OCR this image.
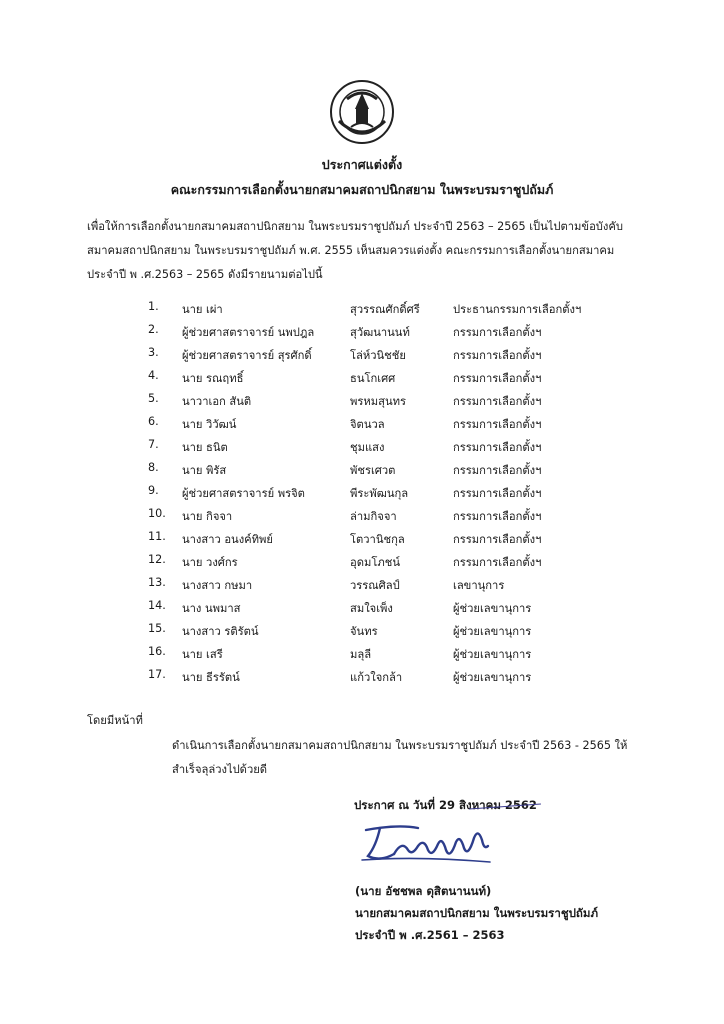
ประกาศแต่งตั้ง
คณะกรรมการเลือกตั้งนายกสมาคมสถาปนิกสยาม ในพระบรมราชูปถัมภ์
เพื่อให้การเลือกตั้งนายกสมาคมสถาปนิกสยาม ในพระบรมราชูปถัมภ์ ประจำปี 2563 – 2565 เป็นไปตามข้อบังคับ
สมาคมสถาปนิกสยาม ในพระบรมราชูปถัมภ์ พ.ศ. 2555 เห็นสมควรแต่งตั้ง คณะกรรมการเลือกตั้งนายกสมาคม
ประจำปี พ .ศ.2563 – 2565 ดังมีรายนามต่อไปนี้
1. นาย เผ่า	สุวรรณศักดิ์ศรี	ประธานกรรมการเลือกตั้งฯ
2. ผู้ช่วยศาสตราจารย์ นพปฎล	สุวัฒนานนท์	กรรมการเลือกตั้งฯ
3. ผู้ช่วยศาสตราจารย์ สุรศักดิ์	โล่ห์วนิชชัย	กรรมการเลือกตั้งฯ
4. นาย รณฤทธิ์	ธนโกเศศ	กรรมการเลือกตั้งฯ
5. นาวาเอก สันติ	พรหมสุนทร	กรรมการเลือกตั้งฯ
6. นาย วิวัฒน์	จิตนวล	กรรมการเลือกตั้งฯ
7. นาย ธนิต	ชุมแสง	กรรมการเลือกตั้งฯ
8. นาย พิรัส	พัชรเศวต	กรรมการเลือกตั้งฯ
9. ผู้ช่วยศาสตราจารย์ พรจิต	พีระพัฒนกุล	กรรมการเลือกตั้งฯ
10. นาย กิจจา	ล่ามกิจจา	กรรมการเลือกตั้งฯ
11. นางสาว อนงค์ทิพย์	โตวานิชกุล	กรรมการเลือกตั้งฯ
12. นาย วงศ์กร	อุดมโภชน์	กรรมการเลือกตั้งฯ
13. นางสาว กษมา	วรรณศิลป์	เลขานุการ
14. นาง นพมาส	สมใจเพ็ง	ผู้ช่วยเลขานุการ
15. นางสาว รติรัตน์	จันทร	ผู้ช่วยเลขานุการ
16. นาย เสรี	มลุลี	ผู้ช่วยเลขานุการ
17. นาย ธีรรัตน์	แก้วใจกล้า	ผู้ช่วยเลขานุการ
โดยมีหน้าที่
ดำเนินการเลือกตั้งนายกสมาคมสถาปนิกสยาม ในพระบรมราชูปถัมภ์ ประจำปี 2563 - 2565 ให้
สำเร็จลุล่วงไปด้วยดี
ประกาศ ณ วันที่ 29 สิงหาคม 2562
(นาย อัชชพล ดุสิตนานนท์)
นายกสมาคมสถาปนิกสยาม ในพระบรมราชูปถัมภ์
ประจำปี พ .ศ.2561 – 2563
